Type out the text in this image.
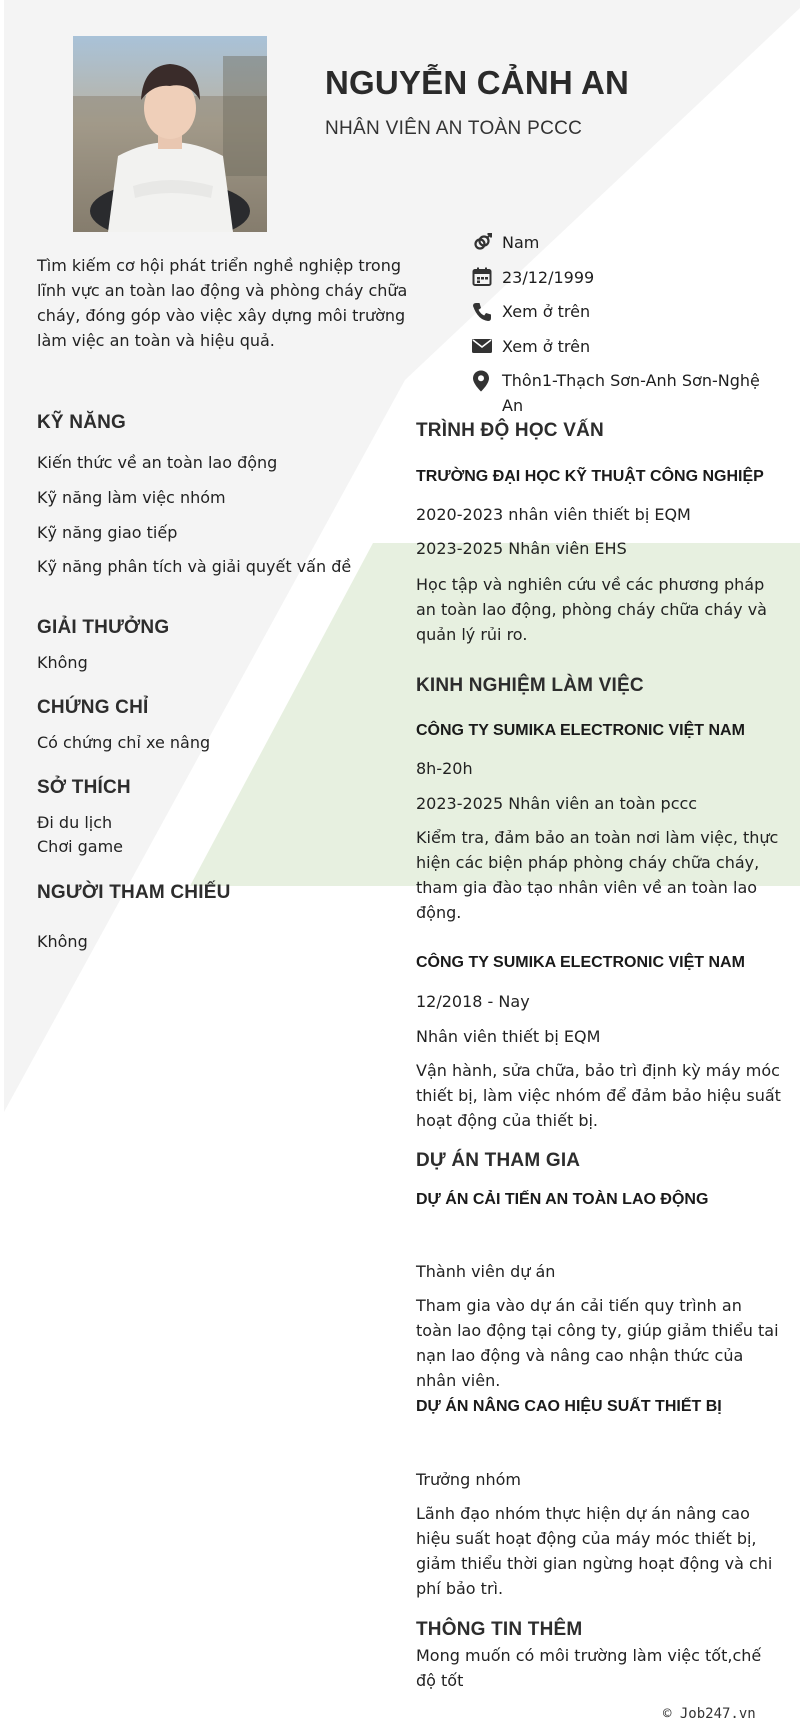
NGUYỄN CẢNH AN
NHÂN VIÊN AN TOÀN PCCC
Tìm kiếm cơ hội phát triển nghề nghiệp trong lĩnh vực an toàn lao động và phòng cháy chữa cháy, đóng góp vào việc xây dựng môi trường làm việc an toàn và hiệu quả.
Nam
23/12/1999
Xem ở trên
Xem ở trên
Thôn1-Thạch Sơn-Anh Sơn-Nghệ An
KỸ NĂNG
Kiến thức về an toàn lao động
Kỹ năng làm việc nhóm
Kỹ năng giao tiếp
Kỹ năng phân tích và giải quyết vấn đề
GIẢI THƯỞNG
Không
CHỨNG CHỈ
Có chứng chỉ xe nâng
SỞ THÍCH
Đi du lịch
Chơi game
NGƯỜI THAM CHIẾU
Không
TRÌNH ĐỘ HỌC VẤN
TRƯỜNG ĐẠI HỌC KỸ THUẬT CÔNG NGHIỆP
2020-2023 nhân viên thiết bị EQM
2023-2025 Nhân viên EHS
Học tập và nghiên cứu về các phương pháp an toàn lao động, phòng cháy chữa cháy và quản lý rủi ro.
KINH NGHIỆM LÀM VIỆC
CÔNG TY SUMIKA ELECTRONIC VIỆT NAM
8h-20h
2023-2025 Nhân viên an toàn pccc
Kiểm tra, đảm bảo an toàn nơi làm việc, thực hiện các biện pháp phòng cháy chữa cháy, tham gia đào tạo nhân viên về an toàn lao động.
CÔNG TY SUMIKA ELECTRONIC VIỆT NAM
12/2018 - Nay
Nhân viên thiết bị EQM
Vận hành, sửa chữa, bảo trì định kỳ máy móc thiết bị, làm việc nhóm để đảm bảo hiệu suất hoạt động của thiết bị.
DỰ ÁN THAM GIA
DỰ ÁN CẢI TIẾN AN TOÀN LAO ĐỘNG
Thành viên dự án
Tham gia vào dự án cải tiến quy trình an toàn lao động tại công ty, giúp giảm thiểu tai nạn lao động và nâng cao nhận thức của nhân viên.
DỰ ÁN NÂNG CAO HIỆU SUẤT THIẾT BỊ
Trưởng nhóm
Lãnh đạo nhóm thực hiện dự án nâng cao hiệu suất hoạt động của máy móc thiết bị, giảm thiểu thời gian ngừng hoạt động và chi phí bảo trì.
THÔNG TIN THÊM
Mong muốn có môi trường làm việc tốt,chế độ tốt
© Job247.vn
